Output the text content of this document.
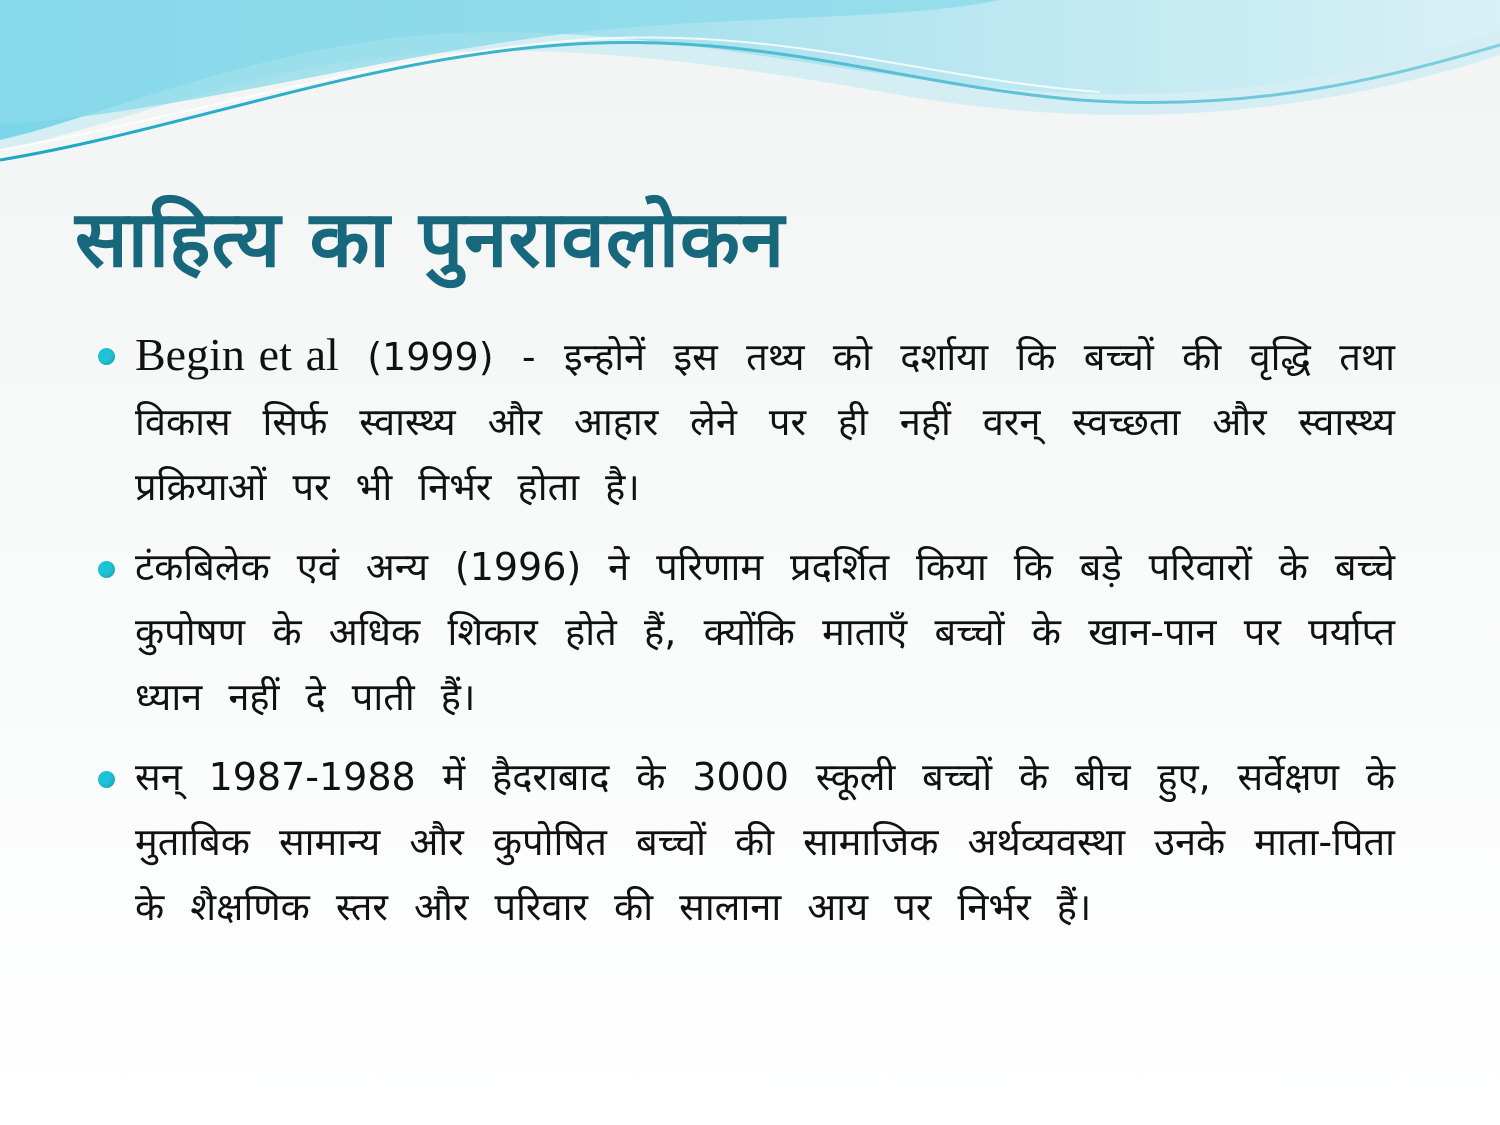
साहित्य का पुनरावलोकन
Begin et al (1999) - इन्होनें इस तथ्य को दर्शाया कि बच्चों की वृद्धि तथा विकास सिर्फ स्वास्थ्य और आहार लेने पर ही नहीं वरन् स्वच्छता और स्वास्थ्य प्रक्रियाओं पर भी निर्भर होता है।
टंकबिलेक एवं अन्य (1996) ने परिणाम प्रदर्शित किया कि बड़े परिवारों के बच्चे कुपोषण के अधिक शिकार होते हैं, क्योंकि माताएँ बच्चों के खान-पान पर पर्याप्त ध्यान नहीं दे पाती हैं।
सन् 1987-1988 में हैदराबाद के 3000 स्कूली बच्चों के बीच हुए, सर्वेक्षण के मुताबिक सामान्य और कुपोषित बच्चों की सामाजिक अर्थव्यवस्था उनके माता-पिता के शैक्षणिक स्तर और परिवार की सालाना आय पर निर्भर हैं।
